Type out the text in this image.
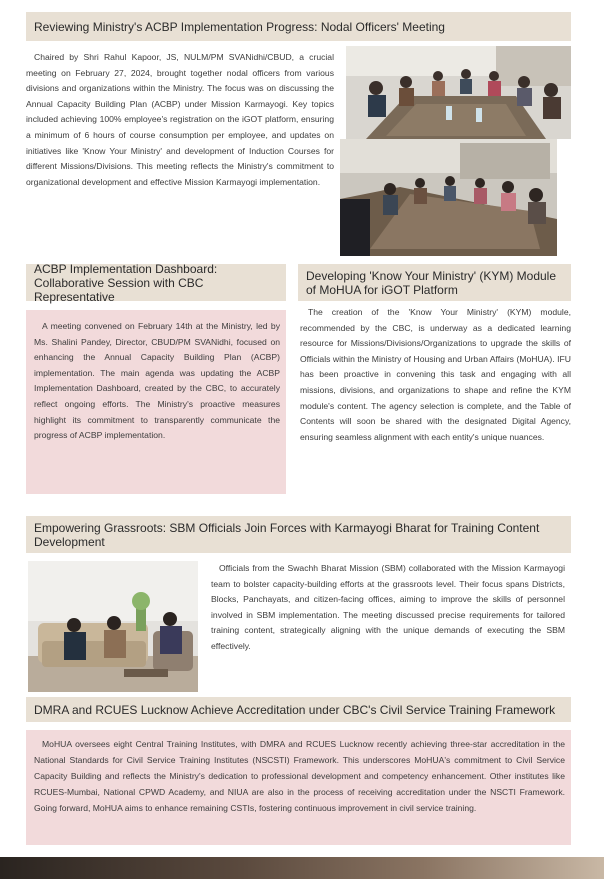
Reviewing Ministry's ACBP Implementation Progress: Nodal Officers' Meeting

Chaired by Shri Rahul Kapoor, JS, NULM/PM SVANidhi/CBUD, a crucial meeting on February 27, 2024, brought together nodal officers from various divisions and organizations within the Ministry. The focus was on discussing the Annual Capacity Building Plan (ACBP) under Mission Karmayogi. Key topics included achieving 100% employee's registration on the iGOT platform, ensuring a minimum of 6 hours of course consumption per employee, and updates on initiatives like 'Know Your Ministry' and development of Induction Courses for different Missions/Divisions. This meeting reflects the Ministry's commitment to organizational development and effective Mission Karmayogi implementation.

ACBP Implementation Dashboard: Collaborative Session with CBC Representative

A meeting convened on February 14th at the Ministry, led by Ms. Shalini Pandey, Director, CBUD/PM SVANidhi, focused on enhancing the Annual Capacity Building Plan (ACBP) implementation. The main agenda was updating the ACBP Implementation Dashboard, created by the CBC, to accurately reflect ongoing efforts. The Ministry's proactive measures highlight its commitment to transparently communicate the progress of ACBP implementation.

Developing 'Know Your Ministry' (KYM) Module of MoHUA for iGOT Platform

The creation of the 'Know Your Ministry' (KYM) module, recommended by the CBC, is underway as a dedicated learning resource for Missions/Divisions/Organizations to upgrade the skills of Officials within the Ministry of Housing and Urban Affairs (MoHUA). IFU has been proactive in convening this task and engaging with all missions, divisions, and organizations to shape and refine the KYM module's content. The agency selection is complete, and the Table of Contents will soon be shared with the designated Digital Agency, ensuring seamless alignment with each entity's unique nuances.

Empowering Grassroots: SBM Officials Join Forces with Karmayogi Bharat for Training Content Development

Officials from the Swachh Bharat Mission (SBM) collaborated with the Mission Karmayogi team to bolster capacity-building efforts at the grassroots level. Their focus spans Districts, Blocks, Panchayats, and citizen-facing offices, aiming to improve the skills of personnel involved in SBM implementation. The meeting discussed precise requirements for tailored training content, strategically aligning with the unique demands of executing the SBM effectively.

DMRA and RCUES Lucknow Achieve Accreditation under CBC's Civil Service Training Framework

MoHUA oversees eight Central Training Institutes, with DMRA and RCUES Lucknow recently achieving three-star accreditation in the National Standards for Civil Service Training Institutes (NSCSTI) Framework. This underscores MoHUA's commitment to Civil Service Capacity Building and reflects the Ministry's dedication to professional development and competency enhancement. Other institutes like RCUES-Mumbai, National CPWD Academy, and NIUA are also in the process of receiving accreditation under the NSCTI Framework. Going forward, MoHUA aims to enhance remaining CSTIs, fostering continuous improvement in civil service training.
